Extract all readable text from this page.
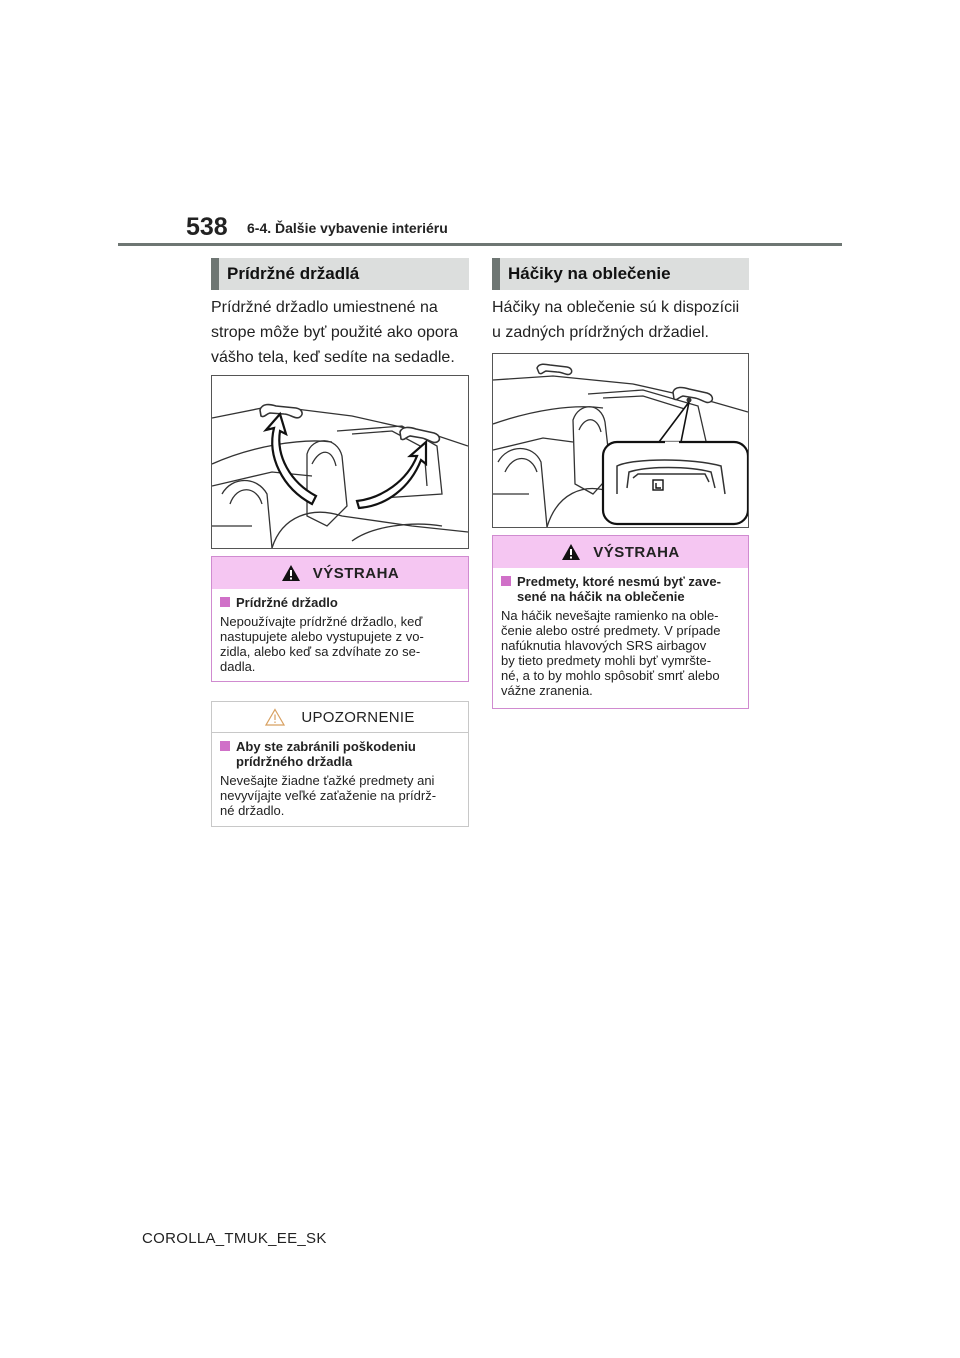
538 6-4. Ďalšie vybavenie interiéru
Prídržné držadlá
Prídržné držadlo umiestnené na
strope môže byť použité ako opora
vášho tela, keď sedíte na sedadle.
VÝSTRAHA
Prídržné držadlo
Nepoužívajte prídržné držadlo, keď
nastupujete alebo vystupujete z vo-
zidla, alebo keď sa zdvíhate zo se-
dadla.
UPOZORNENIE
Aby ste zabránili poškodeniu
prídržného držadla
Nevešajte žiadne ťažké predmety ani
nevyvíjajte veľké zaťaženie na prídrž-
né držadlo.
Háčiky na oblečenie
Háčiky na oblečenie sú k dispozícii
u zadných prídržných držadiel.
VÝSTRAHA
Predmety, ktoré nesmú byť zave-
sené na háčik na oblečenie
Na háčik nevešajte ramienko na oble-
čenie alebo ostré predmety. V prípade
nafúknutia hlavových SRS airbagov
by tieto predmety mohli byť vymršte-
né, a to by mohlo spôsobiť smrť alebo
vážne zranenia.
COROLLA_TMUK_EE_SK
